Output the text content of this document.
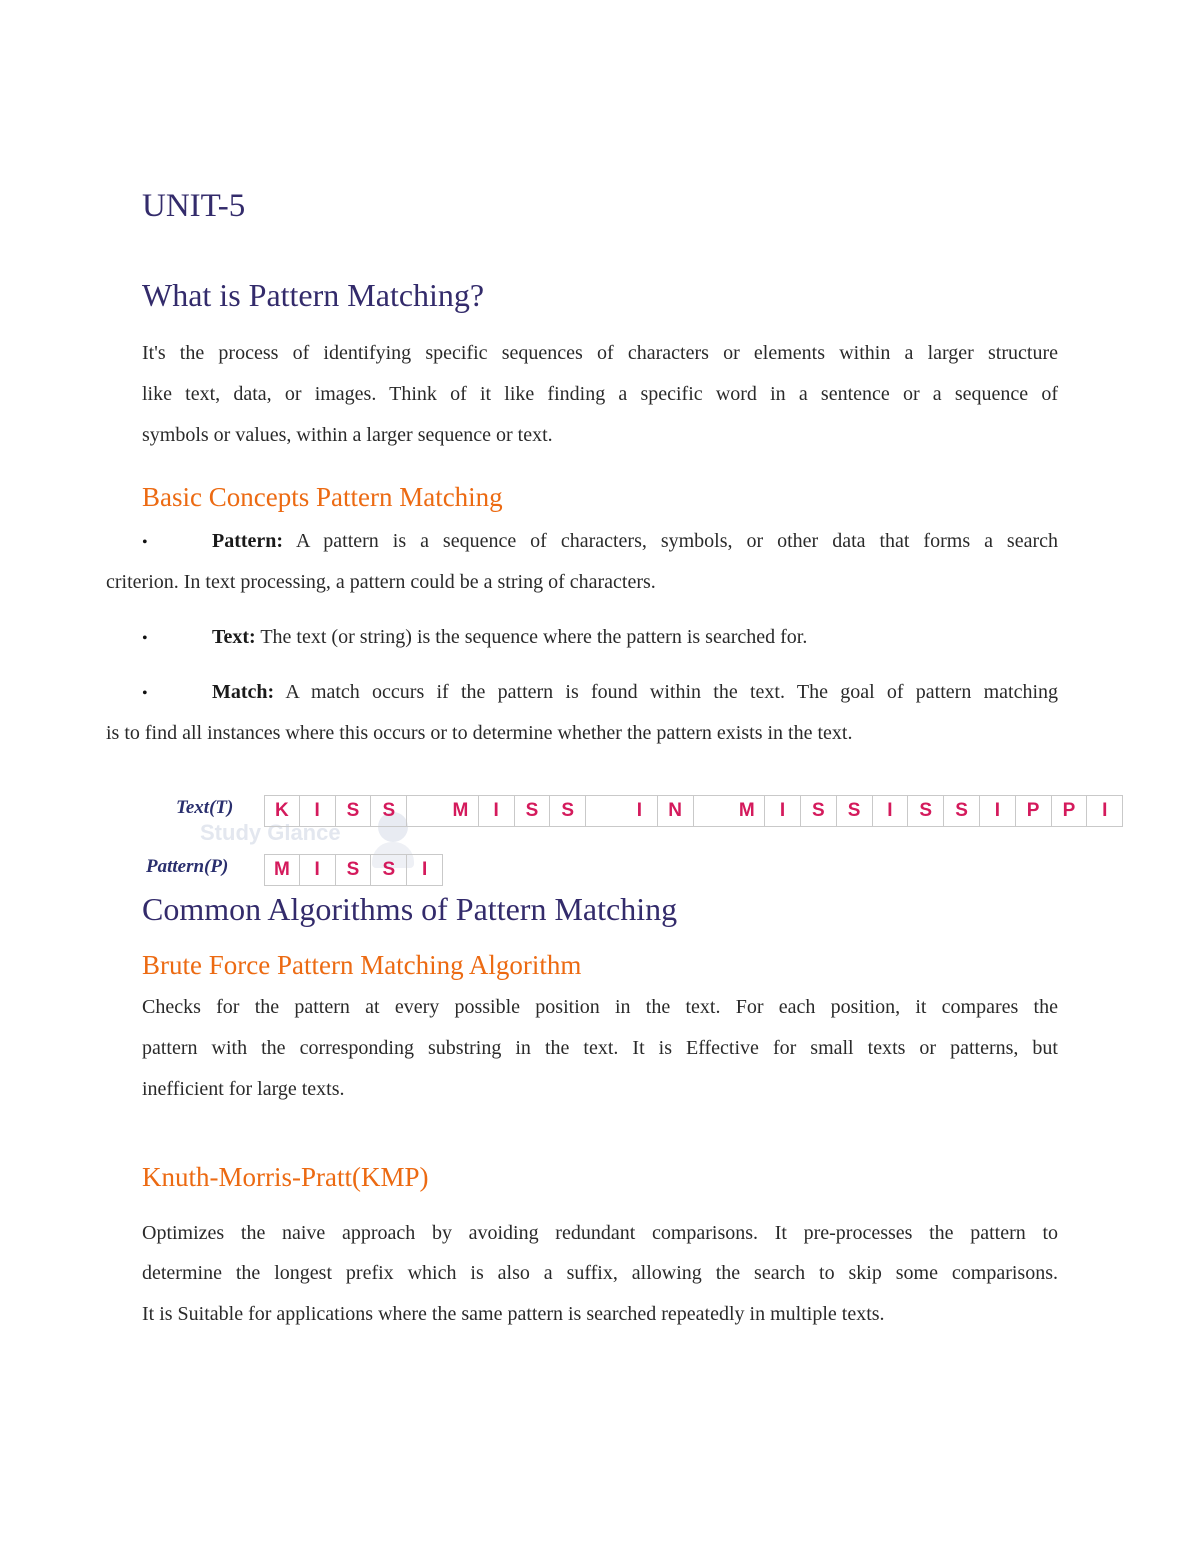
UNIT-5
What is Pattern Matching?
It's the process of identifying specific sequences of characters or elements within a larger structure
like text, data, or images. Think of it like finding a specific word in a sentence or a sequence of
symbols or values, within a larger sequence or text.
Basic Concepts Pattern Matching
•	Pattern: A pattern is a sequence of characters, symbols, or other data that forms a search
criterion. In text processing, a pattern could be a string of characters.
•	Text: The text (or string) is the sequence where the pattern is searched for.
•	Match: A match occurs if the pattern is found within the text. The goal of pattern matching
is to find all instances where this occurs or to determine whether the pattern exists in the text.
Study Glance
Text(T)	K	I	S	S	M	I	S	S	I	N	M	I	S	S	I	S	S	I	P	P	I
Pattern(P)	M	I	S	S	I
Common Algorithms of Pattern Matching
Brute Force Pattern Matching Algorithm
Checks for the pattern at every possible position in the text. For each position, it compares the
pattern with the corresponding substring in the text. It is Effective for small texts or patterns, but
inefficient for large texts.
Knuth-Morris-Pratt(KMP)
Optimizes the naive approach by avoiding redundant comparisons. It pre-processes the pattern to
determine the longest prefix which is also a suffix, allowing the search to skip some comparisons.
It is Suitable for applications where the same pattern is searched repeatedly in multiple texts.
